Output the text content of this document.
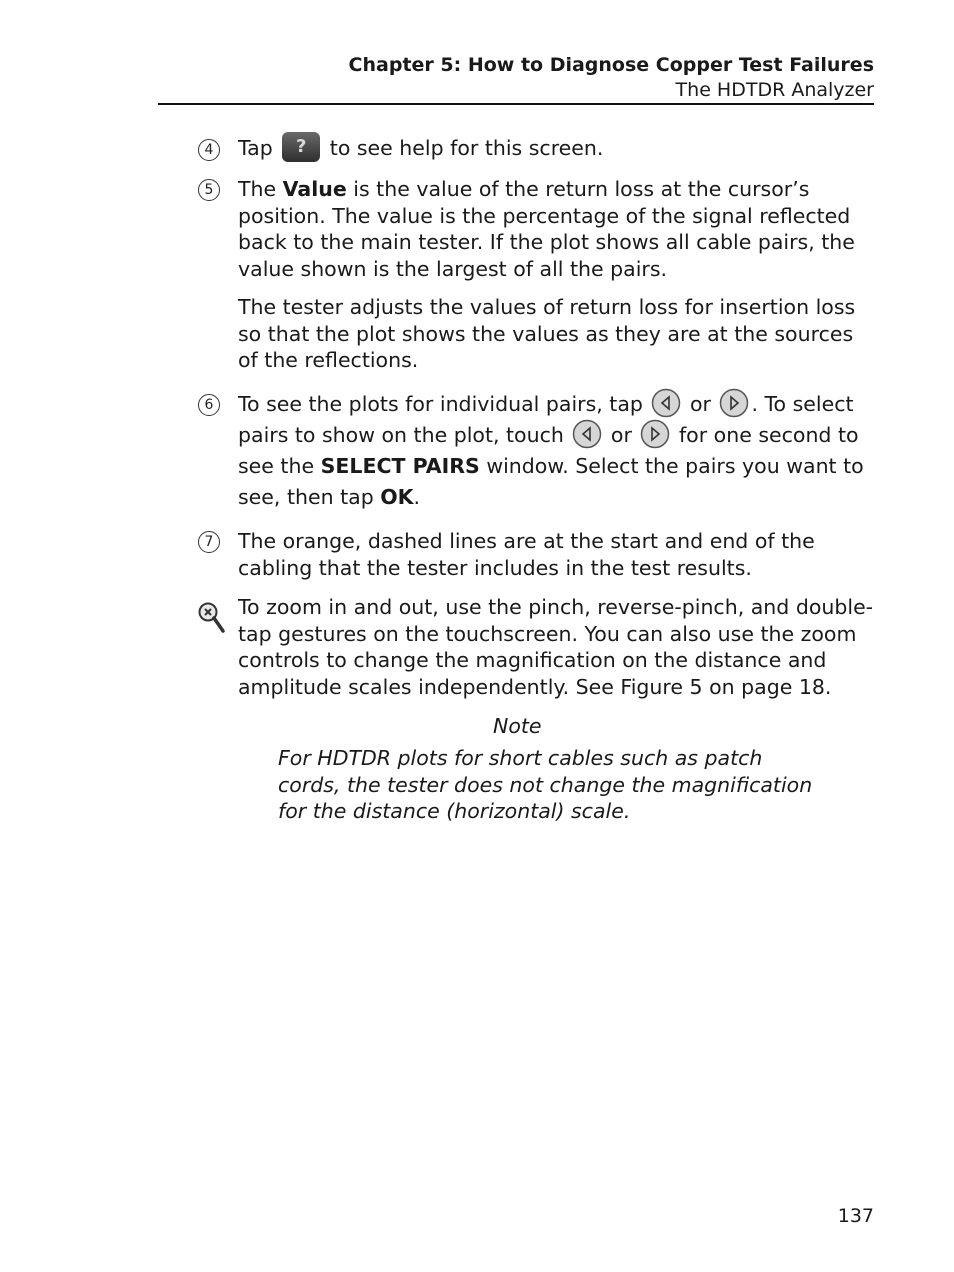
Chapter 5: How to Diagnose Copper Test Failures
The HDTDR Analyzer
4	Tap ? to see help for this screen.
5	The Value is the value of the return loss at the cursor’s position. The value is the percentage of the signal reflected back to the main tester. If the plot shows all cable pairs, the value shown is the largest of all the pairs.

The tester adjusts the values of return loss for insertion loss so that the plot shows the values as they are at the sources of the reflections.

6	To see the plots for individual pairs, tap or . To select pairs to show on the plot, touch or for one second to see the SELECT PAIRS window. Select the pairs you want to see, then tap OK.
7	The orange, dashed lines are at the start and end of the cabling that the tester includes in the test results.
To zoom in and out, use the pinch, reverse-pinch, and double-tap gestures on the touchscreen. You can also use the zoom controls to change the magnification on the distance and amplitude scales independently. See Figure 5 on page 18.
Note
For HDTDR plots for short cables such as patch cords, the tester does not change the magnification for the distance (horizontal) scale.
137
